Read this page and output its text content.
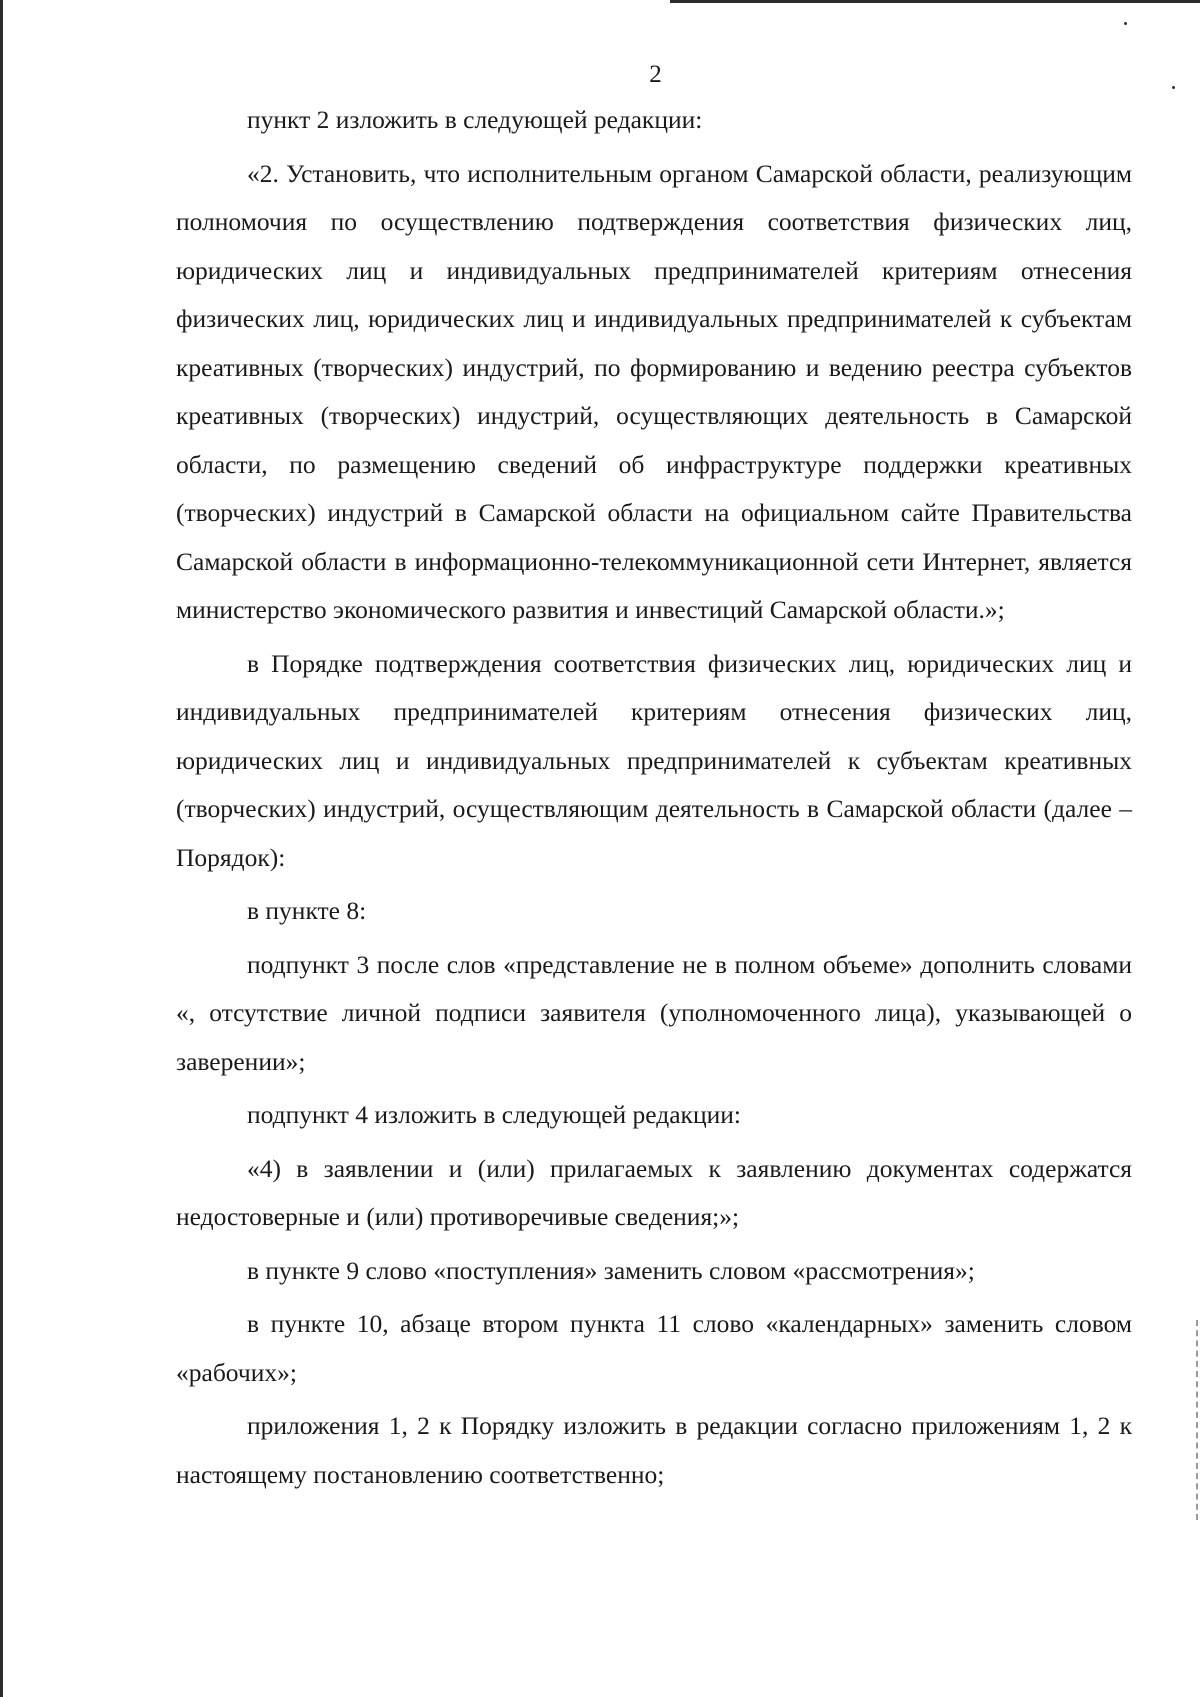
2

пункт 2 изложить в следующей редакции:

«2. Установить, что исполнительным органом Самарской области, реализующим полномочия по осуществлению подтверждения соответствия физических лиц, юридических лиц и индивидуальных предпринимателей критериям отнесения физических лиц, юридических лиц и индивидуальных предпринимателей к субъектам креативных (творческих) индустрий, по формированию и ведению реестра субъектов креативных (творческих) индустрий, осуществляющих деятельность в Самарской области, по размещению сведений об инфраструктуре поддержки креативных (творческих) индустрий в Самарской области на официальном сайте Правительства Самарской области в информационно-телекоммуникационной сети Интернет, является министерство экономического развития и инвестиций Самарской области.»;

в Порядке подтверждения соответствия физических лиц, юридических лиц и индивидуальных предпринимателей критериям отнесения физических лиц, юридических лиц и индивидуальных предпринимателей к субъектам креативных (творческих) индустрий, осуществляющим деятельность в Самарской области (далее – Порядок):

в пункте 8:

подпункт 3 после слов «представление не в полном объеме» дополнить словами «, отсутствие личной подписи заявителя (уполномоченного лица), указывающей о заверении»;

подпункт 4 изложить в следующей редакции:

«4) в заявлении и (или) прилагаемых к заявлению документах содержатся недостоверные и (или) противоречивые сведения;»;

в пункте 9 слово «поступления» заменить словом «рассмотрения»;

в пункте 10, абзаце втором пункта 11 слово «календарных» заменить словом «рабочих»;

приложения 1, 2 к Порядку изложить в редакции согласно приложениям 1, 2 к настоящему постановлению соответственно;
